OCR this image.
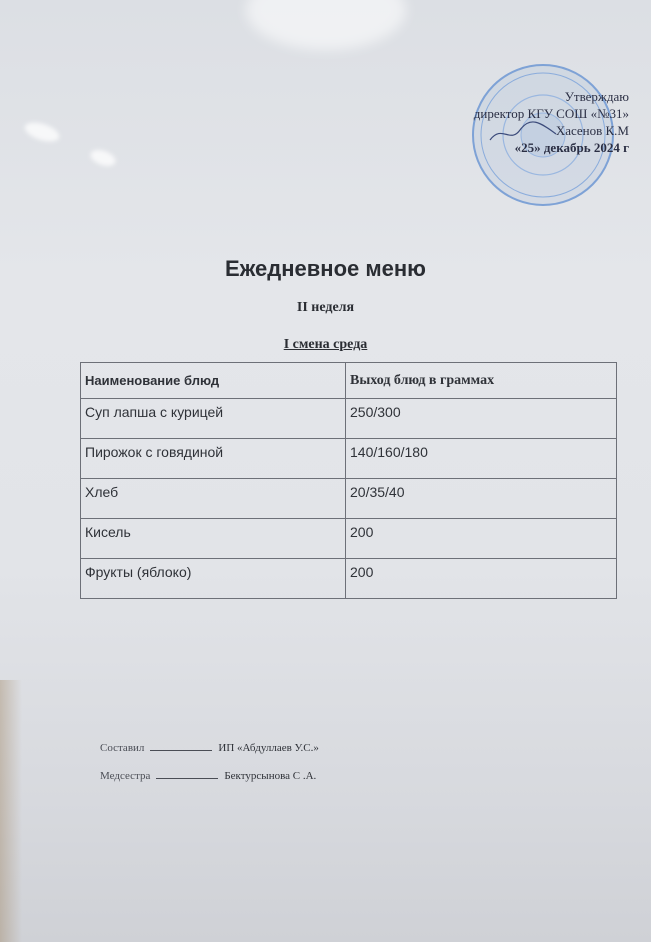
Утверждаю
директор КГУ СОШ «№31»
Хасенов К.М
«25» декабрь 2024 г
Ежедневное меню
II неделя
I смена среда
Наименование блюд	Выход блюд в граммах
Суп лапша с курицей	250/300
Пирожок с говядиной	140/160/180
Хлеб	20/35/40
Кисель	200
Фрукты (яблоко)	200
Составил	ИП «Абдуллаев У.С.»
Медсестра	Бектурсынова С .А.
